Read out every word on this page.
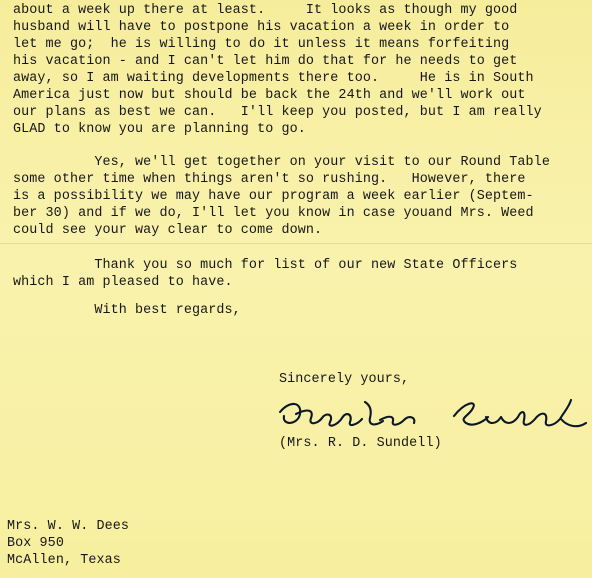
about a week up there at least.     It looks as though my good
husband will have to postpone his vacation a week in order to
let me go;  he is willing to do it unless it means forfeiting
his vacation - and I can't let him do that for he needs to get
away, so I am waiting developments there too.     He is in South
America just now but should be back the 24th and we'll work out
our plans as best we can.   I'll keep you posted, but I am really
GLAD to know you are planning to go.
Yes, we'll get together on your visit to our Round Table
some other time when things aren't so rushing.   However, there
is a possibility we may have our program a week earlier (Septem-
ber 30) and if we do, I'll let you know in case youand Mrs. Weed
could see your way clear to come down.
Thank you so much for list of our new State Officers
which I am pleased to have.
With best regards,
Sincerely yours,
(Mrs. R. D. Sundell)
Mrs. W. W. Dees
Box 950
McAllen, Texas
